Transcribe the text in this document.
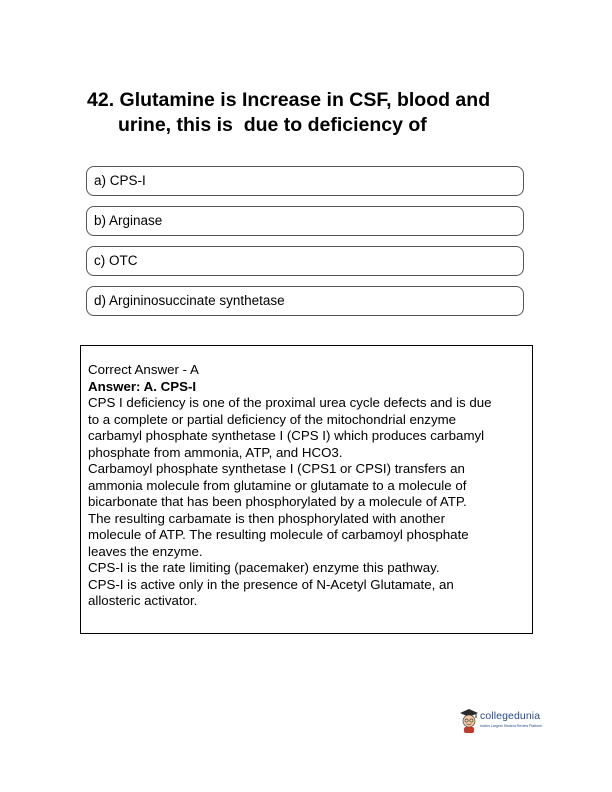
42. Glutamine is Increase in CSF, blood and
urine, this is  due to deficiency of
a) CPS-I
b) Arginase
c) OTC
d) Argininosuccinate synthetase
Correct Answer - A
Answer: A. CPS-I
CPS I deficiency is one of the proximal urea cycle defects and is due
to a complete or partial deficiency of the mitochondrial enzyme
carbamyl phosphate synthetase I (CPS I) which produces carbamyl
phosphate from ammonia, ATP, and HCO3.
Carbamoyl phosphate synthetase I (CPS1 or CPSI) transfers an
ammonia molecule from glutamine or glutamate to a molecule of
bicarbonate that has been phosphorylated by a molecule of ATP.
The resulting carbamate is then phosphorylated with another
molecule of ATP. The resulting molecule of carbamoyl phosphate
leaves the enzyme.
CPS-I is the rate limiting (pacemaker) enzyme this pathway.
CPS-I is active only in the presence of N-Acetyl Glutamate, an
allosteric activator.
collegedunia
India's Largest Student Review Platform
